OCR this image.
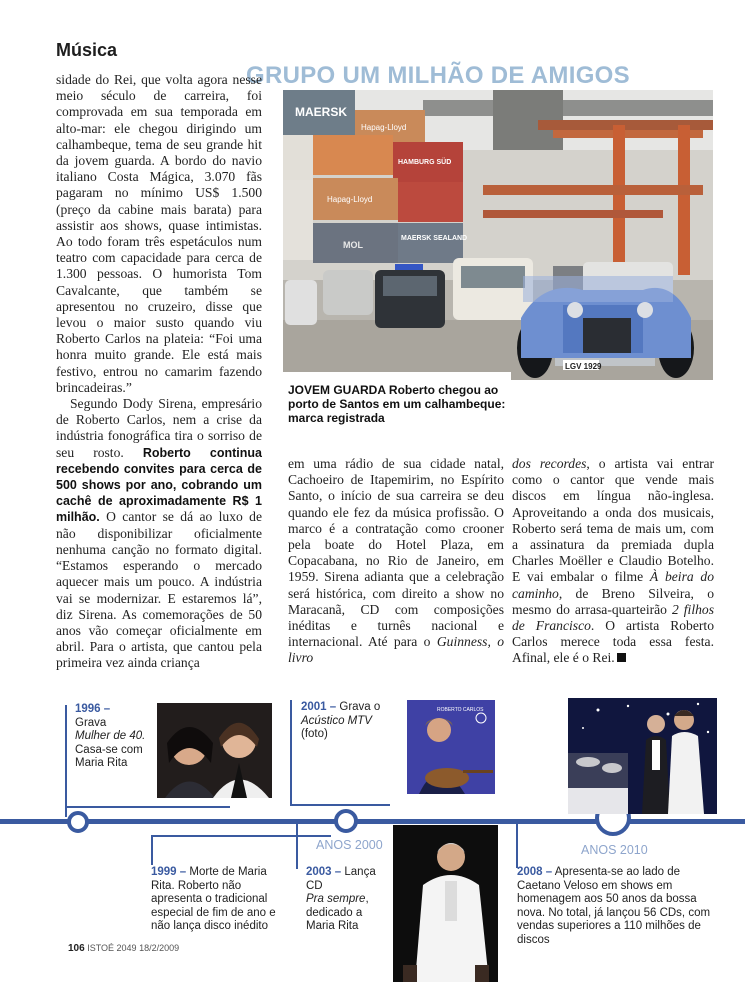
Música
GRUPO UM MILHÃO DE AMIGOS

sidade do Rei, que volta agora nesse meio século de carreira, foi comprovada em sua temporada em alto-mar: ele chegou dirigindo um calhambeque, tema de seu grande hit da jovem guarda. A bordo do navio italiano Costa Mágica, 3.070 fãs pagaram no mínimo US$ 1.500 (preço da cabine mais barata) para assistir aos shows, quase intimistas. Ao todo foram três espetáculos num teatro com capacidade para cerca de 1.300 pessoas. O humorista Tom Cavalcante, que também se apresentou no cruzeiro, disse que levou o maior susto quando viu Roberto Carlos na plateia: “Foi uma honra muito grande. Ele está mais festivo, entrou no camarim fazendo brincadeiras.”

Segundo Dody Sirena, empresário de Roberto Carlos, nem a crise da indústria fonográfica tira o sorriso de seu rosto. Roberto continua recebendo convites para cerca de 500 shows por ano, cobrando um cachê de aproximadamente R$ 1 milhão. O cantor se dá ao luxo de não disponibilizar oficialmente nenhuma canção no formato digital. “Estamos esperando o mercado aquecer mais um pouco. A indústria vai se modernizar. E estaremos lá”, diz Sirena. As comemorações de 50 anos vão começar oficialmente em abril. Para o artista, que cantou pela primeira vez ainda criança

MAERSK
Hapag-Lloyd
HAMBURG SÜD
Hapag-Lloyd
MAERSK SEALAND
MOL
LGV 1929
JOVEM GUARDA Roberto chegou ao porto de Santos em um calhambeque: marca registrada

em uma rádio de sua cidade natal, Cachoeiro de Itapemirim, no Espírito Santo, o início de sua carreira se deu quando ele fez da música profissão. O marco é a contratação como crooner pela boate do Hotel Plaza, em Copacabana, no Rio de Janeiro, em 1959. Sirena adianta que a celebração será histórica, com direito a show no Maracanã, CD com composições inéditas e turnês nacional e internacional. Até para o Guinness, o livro

dos recordes, o artista vai entrar como o cantor que vende mais discos em língua não-inglesa. Aproveitando a onda dos musicais, Roberto será tema de mais um, com a assinatura da premiada dupla Charles Moëller e Claudio Botelho. E vai embalar o filme À beira do caminho, de Breno Silveira, o mesmo do arrasa-quarteirão 2 filhos de Francisco. O artista Roberto Carlos merece toda essa festa. Afinal, ele é o Rei.

ANOS 2000	ANOS 2010
1996 –
Grava
Mulher de 40. Casa-se com Maria Rita
1999 – Morte de Maria Rita. Roberto não apresenta o tradicional especial de fim de ano e não lança disco inédito
2001 – Grava o
Acústico MTV (foto)
ROBERTO CARLOS
2003 – Lança CD
Pra sempre, dedicado a Maria Rita
2008 – Apresenta-se ao lado de Caetano Veloso em shows em homenagem aos 50 anos da bossa nova. No total, já lançou 56 CDs, com vendas superiores a 110 milhões de discos
106 ISTOÉ 2049 18/2/2009
